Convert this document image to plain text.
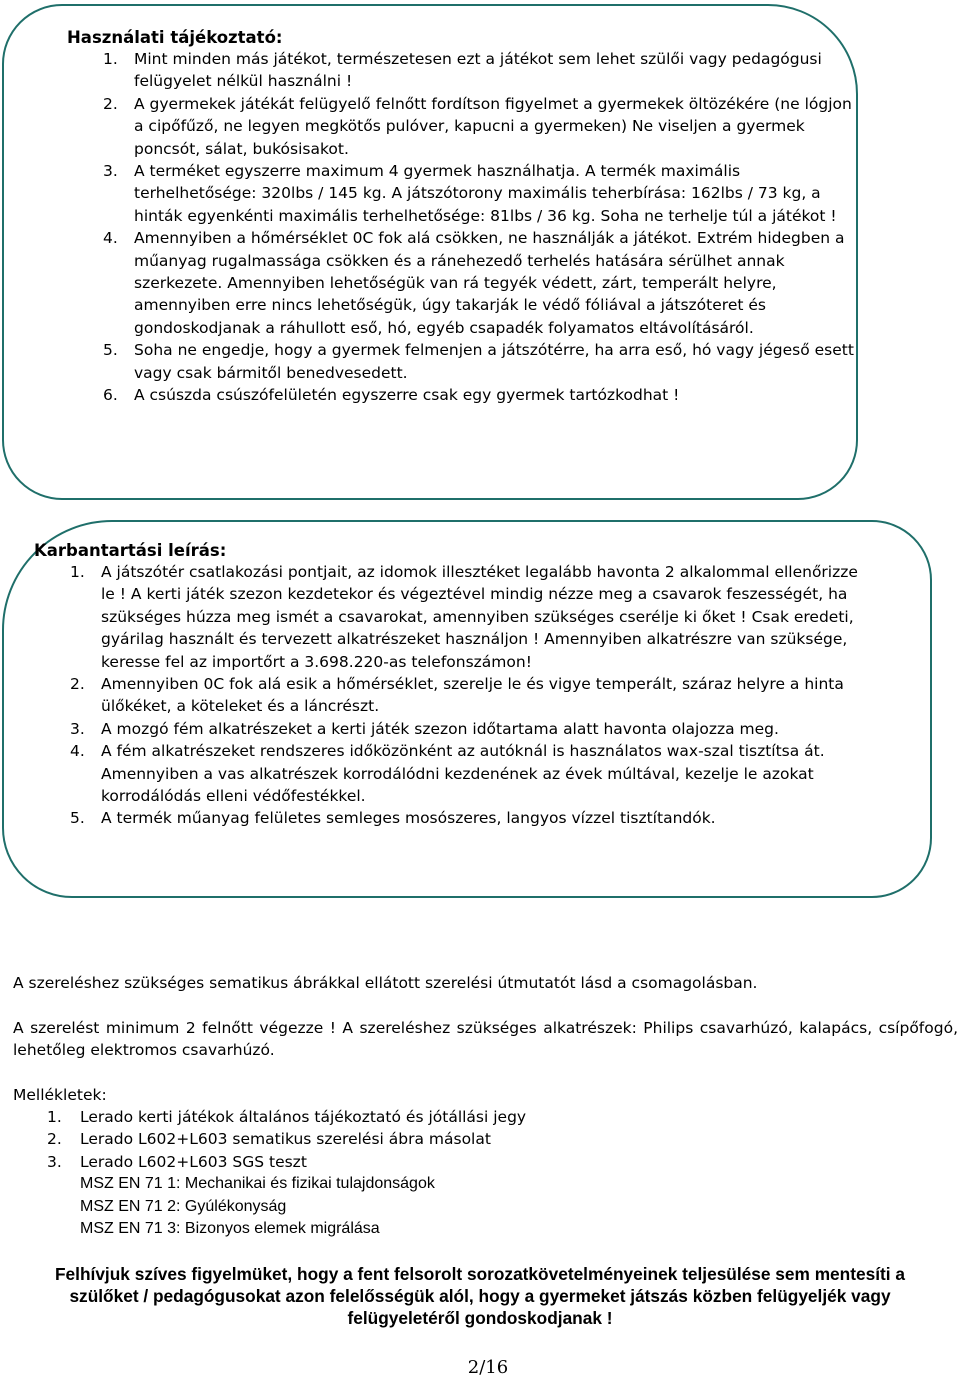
Használati tájékoztató:
1. Mint minden más játékot, természetesen ezt a játékot sem lehet szülői vagy pedagógusi felügyelet nélkül használni !
2. A gyermekek játékát felügyelő felnőtt fordítson figyelmet a gyermekek öltözékére (ne lógjon a cipőfűző, ne legyen megkötős pulóver, kapucni a gyermeken) Ne viseljen a gyermek poncsót, sálat, bukósisakot.
3. A terméket egyszerre maximum 4 gyermek használhatja. A termék maximális terhelhetősége: 320lbs / 145 kg. A játszótorony maximális teherbírása: 162lbs / 73 kg, a hinták egyenkénti maximális terhelhetősége: 81lbs / 36 kg. Soha ne terhelje túl a játékot !
4. Amennyiben a hőmérséklet 0C fok alá csökken, ne használják a játékot. Extrém hidegben a műanyag rugalmassága csökken és a ránehezedő terhelés hatására sérülhet annak szerkezete. Amennyiben lehetőségük van rá tegyék védett, zárt, temperált helyre, amennyiben erre nincs lehetőségük, úgy takarják le védő fóliával a játszóteret és gondoskodjanak a ráhullott eső, hó, egyéb csapadék folyamatos eltávolításáról.
5. Soha ne engedje, hogy a gyermek felmenjen a játszótérre, ha arra eső, hó vagy jégeső esett vagy csak bármitől benedvesedett.
6. A csúszda csúszófelületén egyszerre csak egy gyermek tartózkodhat !
Karbantartási leírás:
1. A játszótér csatlakozási pontjait, az idomok illesztéket legalább havonta 2 alkalommal ellenőrizze le ! A kerti játék szezon kezdetekor és végeztével mindig nézze meg a csavarok feszességét, ha szükséges húzza meg ismét a csavarokat, amennyiben szükséges cserélje ki őket ! Csak eredeti, gyárilag használt és tervezett alkatrészeket használjon ! Amennyiben alkatrészre van szüksége, keresse fel az importőrt a 3.698.220-as telefonszámon!
2. Amennyiben 0C fok alá esik a hőmérséklet, szerelje le és vigye temperált, száraz helyre a hinta ülőkéket, a köteleket és a láncrészt.
3. A mozgó fém alkatrészeket a kerti játék szezon időtartama alatt havonta olajozza meg.
4. A fém alkatrészeket rendszeres időközönként az autóknál is használatos wax-szal tisztítsa át. Amennyiben a vas alkatrészek korrodálódni kezdenének az évek múltával, kezelje le azokat korrodálódás elleni védőfestékkel.
5. A termék műanyag felületes semleges mosószeres, langyos vízzel tisztítandók.

A szereléshez szükséges sematikus ábrákkal ellátott szerelési útmutatót lásd a csomagolásban.

A szerelést minimum 2 felnőtt végezze ! A szereléshez szükséges alkatrészek: Philips csavarhúzó, kalapács, csípőfogó, lehetőleg elektromos csavarhúzó.

Mellékletek:
1. Lerado kerti játékok általános tájékoztató és jótállási jegy
2. Lerado L602+L603 sematikus szerelési ábra másolat
3. Lerado L602+L603 SGS teszt
MSZ EN 71 1: Mechanikai és fizikai tulajdonságok
MSZ EN 71 2: Gyúlékonyság
MSZ EN 71 3: Bizonyos elemek migrálása
Felhívjuk szíves figyelmüket, hogy a fent felsorolt sorozatkövetelményeinek teljesülése sem mentesíti a szülőket / pedagógusokat azon felelősségük alól, hogy a gyermeket játszás közben felügyeljék vagy felügyeletéről gondoskodjanak !
2/16
